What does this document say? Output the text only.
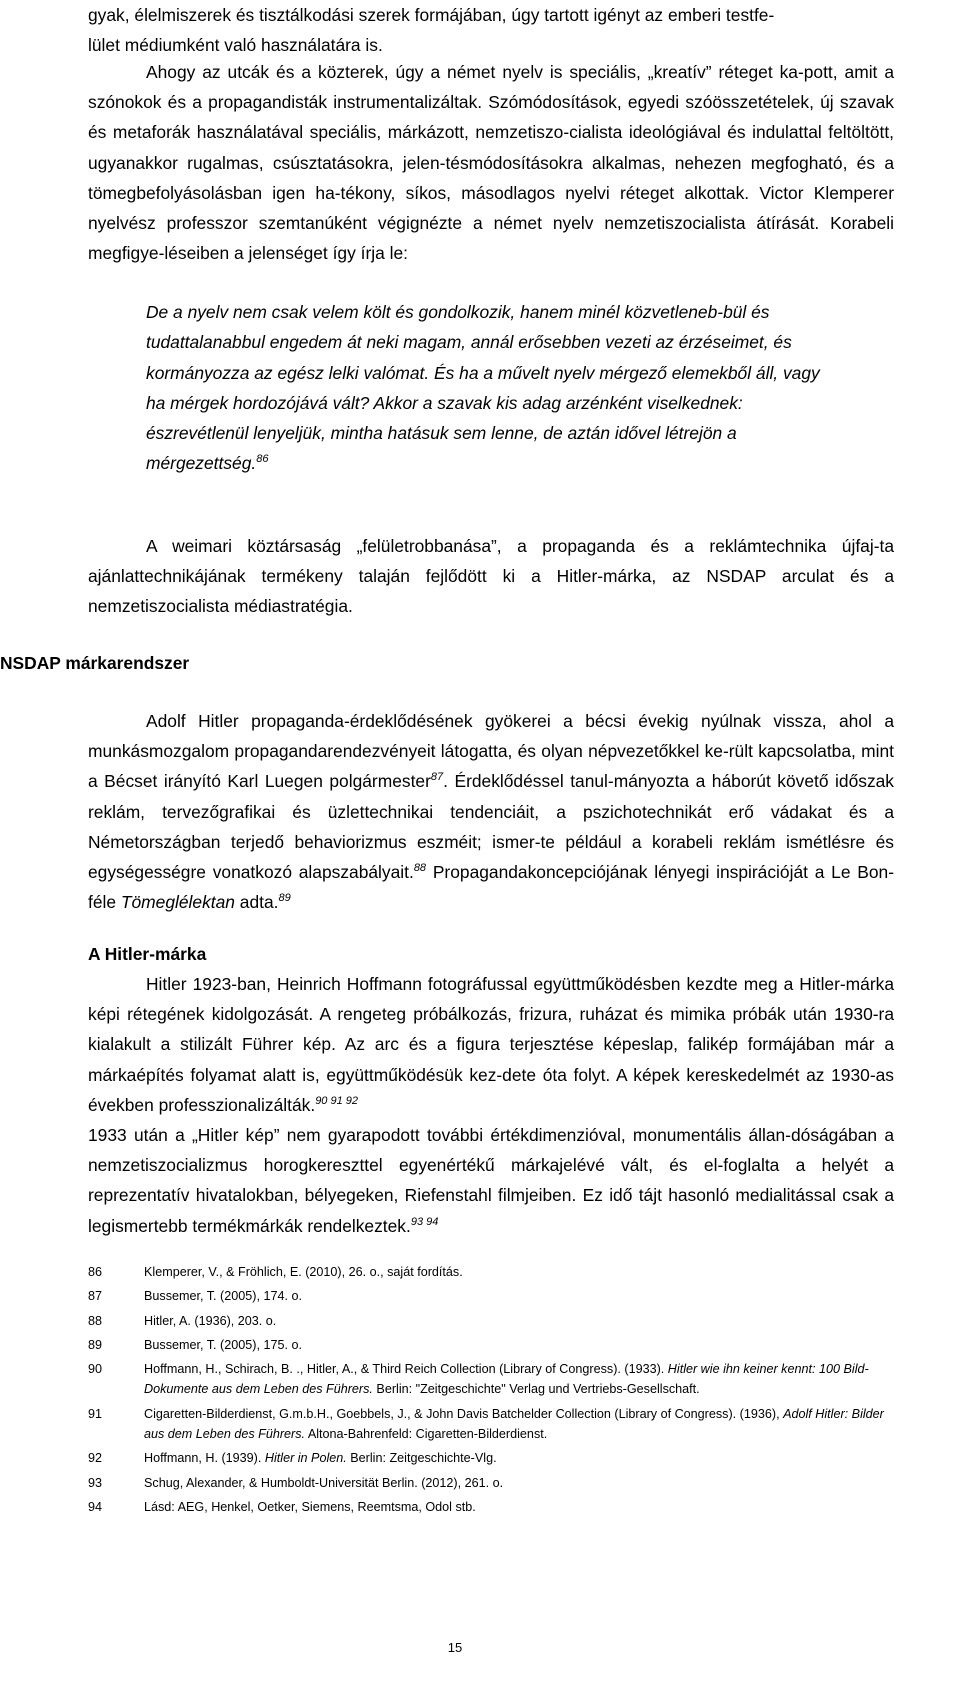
gyak, élelmiszerek és tisztálkodási szerek formájában, úgy tartott igényt az emberi testfe-

lület médiumként való használatára is.

Ahogy az utcák és a közterek, úgy a német nyelv is speciális, „kreatív” réteget ka-pott, amit a szónokok és a propagandisták instrumentalizáltak. Szómódosítások, egyedi szóösszetételek, új szavak és metaforák használatával speciális, márkázott, nemzetiszo-cialista ideológiával és indulattal feltöltött, ugyanakkor rugalmas, csúsztatásokra, jelen-tésmódosításokra alkalmas, nehezen megfogható, és a tömegbefolyásolásban igen ha-tékony, síkos, másodlagos nyelvi réteget alkottak. Victor Klemperer nyelvész professzor szemtanúként végignézte a német nyelv nemzetiszocialista átírását. Korabeli megfigye-léseiben a jelenséget így írja le:

De a nyelv nem csak velem költ és gondolkozik, hanem minél közvetleneb-bül és tudattalanabbul engedem át neki magam, annál erősebben vezeti az érzéseimet, és kormányozza az egész lelki valómat. És ha a művelt nyelv mérgező elemekből áll, vagy ha mérgek hordozójává vált? Akkor a szavak kis adag arzénként viselkednek: észrevétlenül lenyeljük, mintha hatásuk sem lenne, de aztán idővel létrejön a mérgezettség.$^{86}$

A weimari köztársaság „felületrobbanása”, a propaganda és a reklámtechnika újfaj-ta ajánlattechnikájának termékeny talaján fejlődött ki a Hitler-márka, az NSDAP arculat és a nemzetiszocialista médiastratégia.

NSDAP márkarendszer

Adolf Hitler propaganda-érdeklődésének gyökerei a bécsi évekig nyúlnak vissza, ahol a munkásmozgalom propagandarendezvényeit látogatta, és olyan népvezetőkkel ke-rült kapcsolatba, mint a Bécset irányító Karl Luegen polgármester$^{87}$. Érdeklődéssel tanul-mányozta a háborút követő időszak reklám, tervezőgrafikai és üzlettechnikai tendenciáit, a pszichotechnikát erő vádakat és a Németországban terjedő behaviorizmus eszméit; ismer-te például a korabeli reklám ismétlésre és egységességre vonatkozó alapszabályait.$^{88}$ Propagandakoncepciójának lényegi inspirációját a Le Bon-féle Tömeglélektan adta.$^{89}$

A Hitler-márka

Hitler 1923-ban, Heinrich Hoffmann fotográfussal együttműködésben kezdte meg a Hitler-márka képi rétegének kidolgozását. A rengeteg próbálkozás, frizura, ruházat és mimika próbák után 1930-ra kialakult a stilizált Führer kép. Az arc és a figura terjesztése képeslap, falikép formájában már a márkaépítés folyamat alatt is, együttműködésük kez-dete óta folyt. A képek kereskedelmét az 1930-as években professzionalizálták.$^{90 91 92}$

1933 után a „Hitler kép” nem gyarapodott további értékdimenzióval, monumentális állan-dóságában a nemzetiszocializmus horogkereszttel egyenértékű márkajelévé vált, és el-foglalta a helyét a reprezentatív hivatalokban, bélyegeken, Riefenstahl filmjeiben. Ez idő tájt hasonló medialitással csak a legismertebb termékmárkák rendelkeztek.$^{93 94}$

86	Klemperer, V., & Fröhlich, E. (2010), 26. o., saját fordítás.
87	Bussemer, T. (2005), 174. o.
88	Hitler, A. (1936), 203. o.
89	Bussemer, T. (2005), 175. o.
90	Hoffmann, H., Schirach, B. ., Hitler, A., & Third Reich Collection (Library of Congress). (1933). Hitler wie ihn keiner kennt: 100 Bild-Dokumente aus dem Leben des Führers. Berlin: "Zeitgeschichte" Verlag und Vertriebs-Gesellschaft.
91	Cigaretten-Bilderdienst, G.m.b.H., Goebbels, J., & John Davis Batchelder Collection (Library of Congress). (1936), Adolf Hitler: Bilder aus dem Leben des Führers. Altona-Bahrenfeld: Cigaretten-Bilderdienst.
92	Hoffmann, H. (1939). Hitler in Polen. Berlin: Zeitgeschichte-Vlg.
93	Schug, Alexander, & Humboldt-Universität Berlin. (2012), 261. o.
94	Lásd: AEG, Henkel, Oetker, Siemens, Reemtsma, Odol stb.
15
